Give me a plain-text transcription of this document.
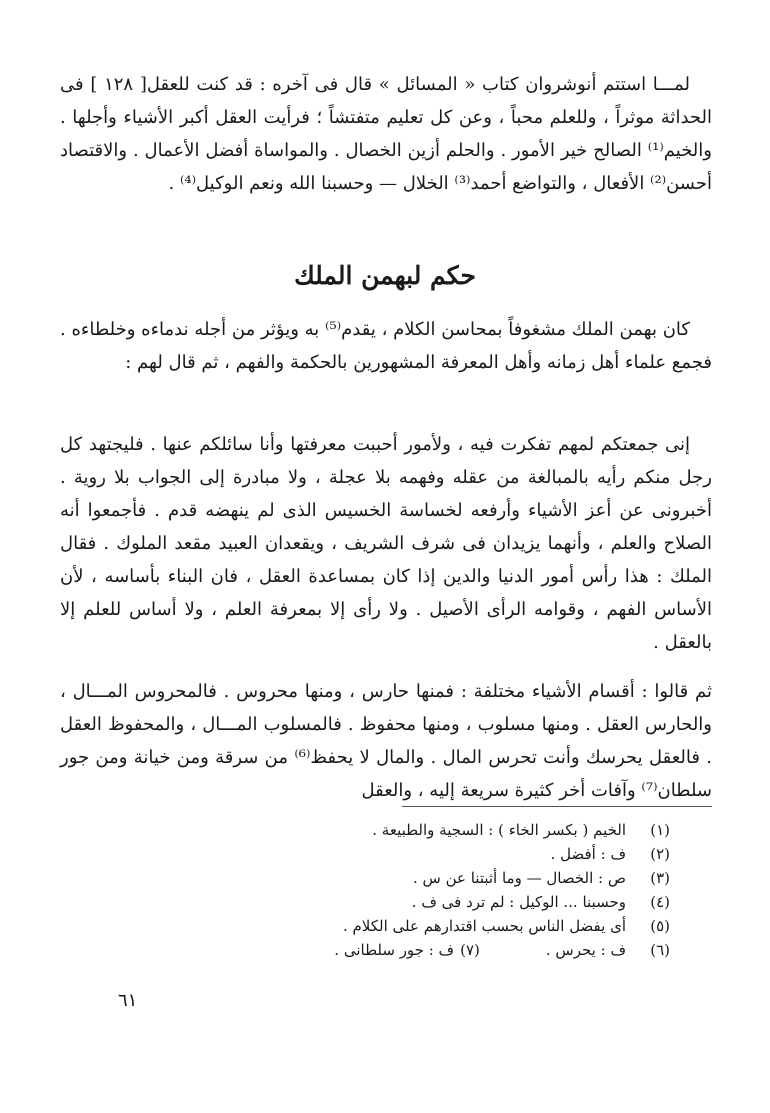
لمـــا استتم أنوشروان كتاب « المسائل » قال فى آخره : قد كنت للعقل[ ١٢٨ ] فى الحداثة موثراً ، وللعلم محباً ، وعن كل تعليم متفتشاً ؛ فرأيت العقل أكبر الأشياء وأجلها . والخيم⁽¹⁾ الصالح خير الأمور . والحلم أزين الخصال . والمواساة أفضل الأعمال . والاقتصاد أحسن⁽²⁾ الأفعال ، والتواضع أحمد⁽³⁾ الخلال — وحسبنا الله ونعم الوكيل⁽⁴⁾ .

حكم لبهمن الملك

كان بهمن الملك مشغوفاً بمحاسن الكلام ، يقدم⁽⁵⁾ به ويؤثر من أجله ندماءه وخلطاءه . فجمع علماء أهل زمانه وأهل المعرفة المشهورين بالحكمة والفهم ، ثم قال لهم :

إنى جمعتكم لمهم تفكرت فيه ، ولأمور أحببت معرفتها وأنا سائلكم عنها . فليجتهد كل رجل منكم رأيه بالمبالغة من عقله وفهمه بلا عجلة ، ولا مبادرة إلى الجواب بلا روية . أخبرونى عن أعز الأشياء وأرفعه لخساسة الخسيس الذى لم ينهضه قدم . فأجمعوا أنه الصلاح والعلم ، وأنهما يزيدان فى شرف الشريف ، ويقعدان العبيد مقعد الملوك . فقال الملك : هذا رأس أمور الدنيا والدين إذا كان بمساعدة العقل ، فان البناء بأساسه ، لأن الأساس الفهم ، وقوامه الرأى الأصيل . ولا رأى إلا بمعرفة العلم ، ولا أساس للعلم إلا بالعقل .

ثم قالوا : أقسام الأشياء مختلفة : فمنها حارس ، ومنها محروس . فالمحروس المـــال ، والحارس العقل . ومنها مسلوب ، ومنها محفوظ . فالمسلوب المـــال ، والمحفوظ العقل . فالعقل يحرسك وأنت تحرس المال . والمال لا يحفظ⁽⁶⁾ من سرقة ومن خيانة ومن جور سلطان⁽⁷⁾ وآفات أخر كثيرة سريعة إليه ، والعقل

(١)
الخيم ( بكسر الخاء ) : السجية والطبيعة .
(٢)
ف : أفضل .
(٣)
ص : الخصال — وما أثبتنا عن س .
(٤)
وحسبنا ... الوكيل : لم ترد فى ف .
(٥)
أى يفضل الناس بحسب اقتدارهم على الكلام .
(٦)
ف : يحرس .
(٧)
ف : جور سلطانى .
٦١
